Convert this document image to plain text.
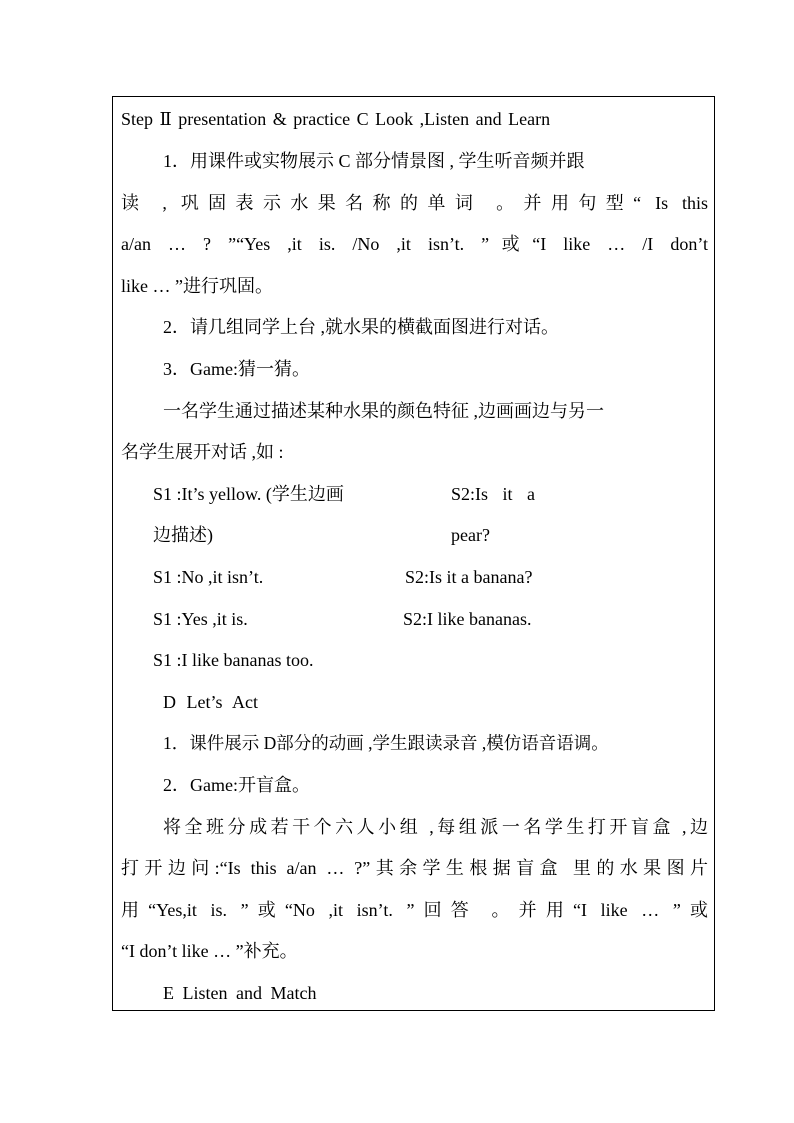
Step Ⅱ presentation & practice C Look ,Listen and Learn
1．用课件或实物展示 C 部分情景图 , 学生听音频并跟
读 , 巩固表示水果名称的单词 。并用句型“ Is this
a/an … ? ”“Yes ,it is. /No ,it isn’t. ”或“I like … /I don’t
like … ”进行巩固。
2．请几组同学上台 ,就水果的横截面图进行对话。
3．Game:猜一猜。
一名学生通过描述某种水果的颜色特征 ,边画画边与另一
名学生展开对话 ,如 :
S1 :It’s yellow. (学生边画	S2:Is it a
边描述)	pear?
S1 :No ,it isn’t.	S2:Is it a banana?
S1 :Yes ,it is.	S2:I like bananas.
S1 :I like bananas too.
D Let’s Act
1．课件展示 D部分的动画 ,学生跟读录音 ,模仿语音语调。
2．Game:开盲盒。
将全班分成若干个六人小组 ,每组派一名学生打开盲盒 ,边
打开边问:“Is this a/an … ?”其余学生根据盲盒 里的水果图片
用“Yes,it is. ”或“No ,it isn’t. ”回答 。并用“I like … ”或
“I don’t like … ”补充。
E Listen and Match
